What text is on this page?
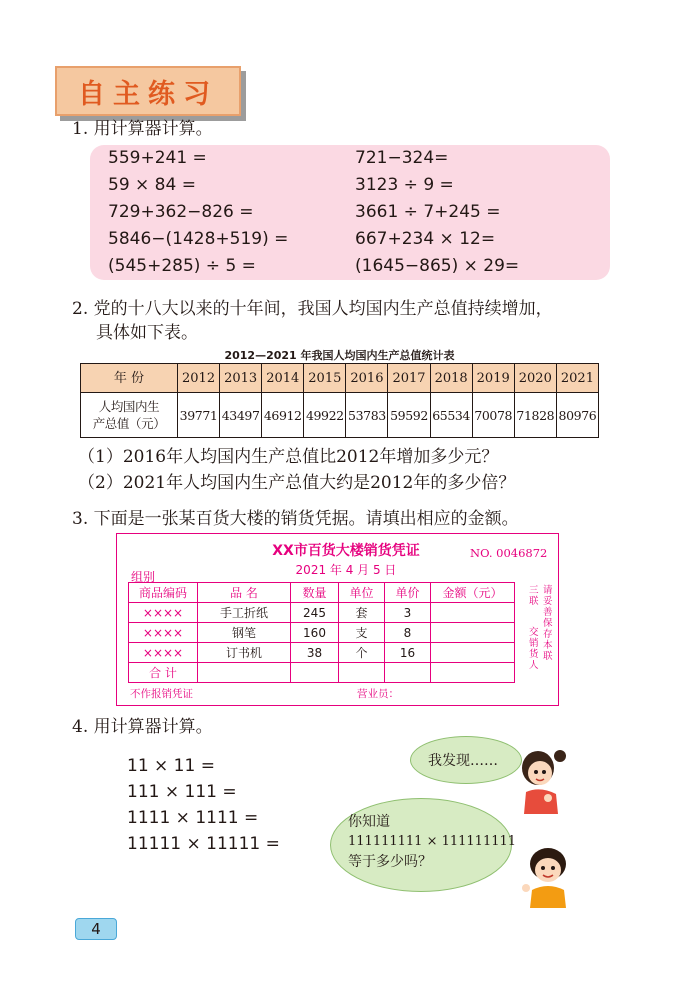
自主练习
1. 用计算器计算。
559+241 =
59 × 84 =
729+362−826 =
5846−(1428+519) =
(545+285) ÷ 5 =
721−324=
3123 ÷ 9 =
3661 ÷ 7+245 =
667+234 × 12=
(1645−865) × 29=
2. 党的十八大以来的十年间，我国人均国内生产总值持续增加，
具体如下表。
2012—2021 年我国人均国内生产总值统计表
年 份	2012	2013	2014	2015	2016	2017	2018	2019	2020	2021

人均国内生
产总值（元）	39771	43497	46912	49922	53783	59592	65534	70078	71828	80976
（1）2016年人均国内生产总值比2012年增加多少元？
（2）2021年人均国内生产总值大约是2012年的多少倍？
3. 下面是一张某百货大楼的销货凭据。请填出相应的金额。
XX市百货大楼销货凭证	NO. 0046872
2021 年 4 月 5 日
组别
商品编码	品 名	数量	单位	单价	金额（元）
××××	手工折纸	245	套	3	
××××	钢笔	160	支	8	
××××	订书机	38	个	16	
合 计					
不作报销凭证	营业员：
三联
交销货人
请妥善保存本联
4. 用计算器计算。
11 × 11 =
111 × 111 =
1111 × 1111 =
11111 × 11111 =
我发现……
你知道
111111111 × 111111111
等于多少吗？
4
